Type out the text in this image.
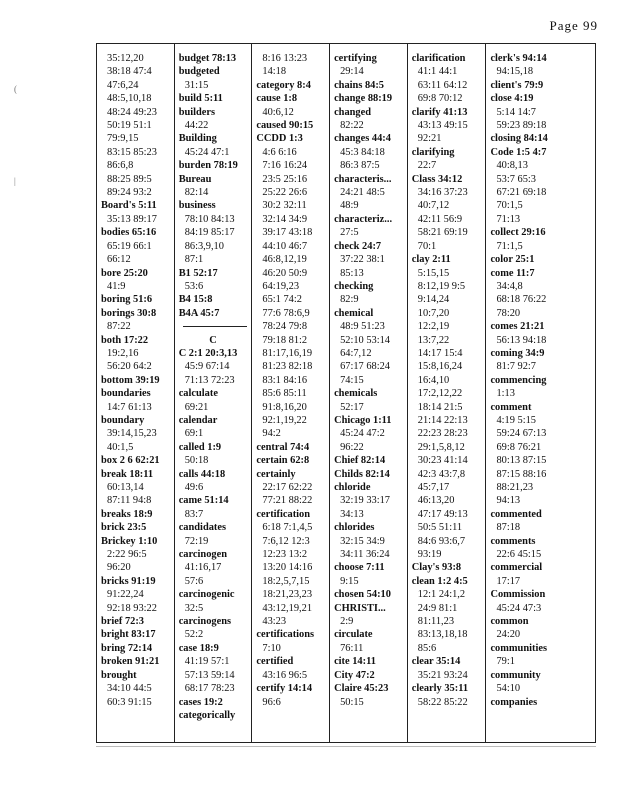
Page 99
(
|
35:12,20
38:18 47:4
47:6,24
48:5,10,18
48:24 49:23
50:19 51:1
79:9,15
83:15 85:23
86:6,8
88:25 89:5
89:24 93:2
Board's 5:11
35:13 89:17
bodies 65:16
65:19 66:1
66:12
bore 25:20
41:9
boring 51:6
borings 30:8
87:22
both 17:22
19:2,16
56:20 64:2
bottom 39:19
boundaries
14:7 61:13
boundary
39:14,15,23
40:1,5
box 2 6 62:21
break 18:11
60:13,14
87:11 94:8
breaks 18:9
brick 23:5
Brickey 1:10
2:22 96:5
96:20
bricks 91:19
91:22,24
92:18 93:22
brief 72:3
bright 83:17
bring 72:14
broken 91:21
brought
34:10 44:5
60:3 91:15
budget 78:13
budgeted
31:15
build 5:11
builders
44:22
Building
45:24 47:1
burden 78:19
Bureau
82:14
business
78:10 84:13
84:19 85:17
86:3,9,10
87:1
B1 52:17
53:6
B4 15:8
B4A 45:7
C
C 2:1 20:3,13
45:9 67:14
71:13 72:23
calculate
69:21
calendar
69:1
called 1:9
50:18
calls 44:18
49:6
came 51:14
83:7
candidates
72:19
carcinogen
41:16,17
57:6
carcinogenic
32:5
carcinogens
52:2
case 18:9
41:19 57:1
57:13 59:14
68:17 78:23
cases 19:2
categorically
8:16 13:23
14:18
category 8:4
cause 1:8
40:6,12
caused 90:15
CCDD 1:3
4:6 6:16
7:16 16:24
23:5 25:16
25:22 26:6
30:2 32:11
32:14 34:9
39:17 43:18
44:10 46:7
46:8,12,19
46:20 50:9
64:19,23
65:1 74:2
77:6 78:6,9
78:24 79:8
79:18 81:2
81:17,16,19
81:23 82:18
83:1 84:16
85:6 85:11
91:8,16,20
92:1,19,22
94:2
central 74:4
certain 62:8
certainly
22:17 62:22
77:21 88:22
certification
6:18 7:1,4,5
7:6,12 12:3
12:23 13:2
13:20 14:16
18:2,5,7,15
18:21,23,23
43:12,19,21
43:23
certifications
7:10
certified
43:16 96:5
certify 14:14
96:6
certifying
29:14
chains 84:5
change 88:19
changed
82:22
changes 44:4
45:3 84:18
86:3 87:5
characteris...
24:21 48:5
48:9
characteriz...
27:5
check 24:7
37:22 38:1
85:13
checking
82:9
chemical
48:9 51:23
52:10 53:14
64:7,12
67:17 68:24
74:15
chemicals
52:17
Chicago 1:11
45:24 47:2
96:22
Chief 82:14
Childs 82:14
chloride
32:19 33:17
34:13
chlorides
32:15 34:9
34:11 36:24
choose 7:11
9:15
chosen 54:10
CHRISTI...
2:9
circulate
76:11
cite 14:11
City 47:2
Claire 45:23
50:15
clarification
41:1 44:1
63:11 64:12
69:8 70:12
clarify 41:13
43:13 49:15
92:21
clarifying
22:7
Class 34:12
34:16 37:23
40:7,12
42:11 56:9
58:21 69:19
70:1
clay 2:11
5:15,15
8:12,19 9:5
9:14,24
10:7,20
12:2,19
13:7,22
14:17 15:4
15:8,16,24
16:4,10
17:2,12,22
18:14 21:5
21:14 22:13
22:23 28:23
29:1,5,8,12
30:23 41:14
42:3 43:7,8
45:7,17
46:13,20
47:17 49:13
50:5 51:11
84:6 93:6,7
93:19
Clay's 93:8
clean 1:2 4:5
12:1 24:1,2
24:9 81:1
81:11,23
83:13,18,18
85:6
clear 35:14
35:21 93:24
clearly 35:11
58:22 85:22
clerk's 94:14
94:15,18
client's 79:9
close 4:19
5:14 14:7
59:23 89:18
closing 84:14
Code 1:5 4:7
40:8,13
53:7 65:3
67:21 69:18
70:1,5
71:13
collect 29:16
71:1,5
color 25:1
come 11:7
34:4,8
68:18 76:22
78:20
comes 21:21
56:13 94:18
coming 34:9
81:7 92:7
commencing
1:13
comment
4:19 5:15
59:24 67:13
69:8 76:21
80:13 87:15
87:15 88:16
88:21,23
94:13
commented
87:18
comments
22:6 45:15
commercial
17:17
Commission
45:24 47:3
common
24:20
communities
79:1
community
54:10
companies
